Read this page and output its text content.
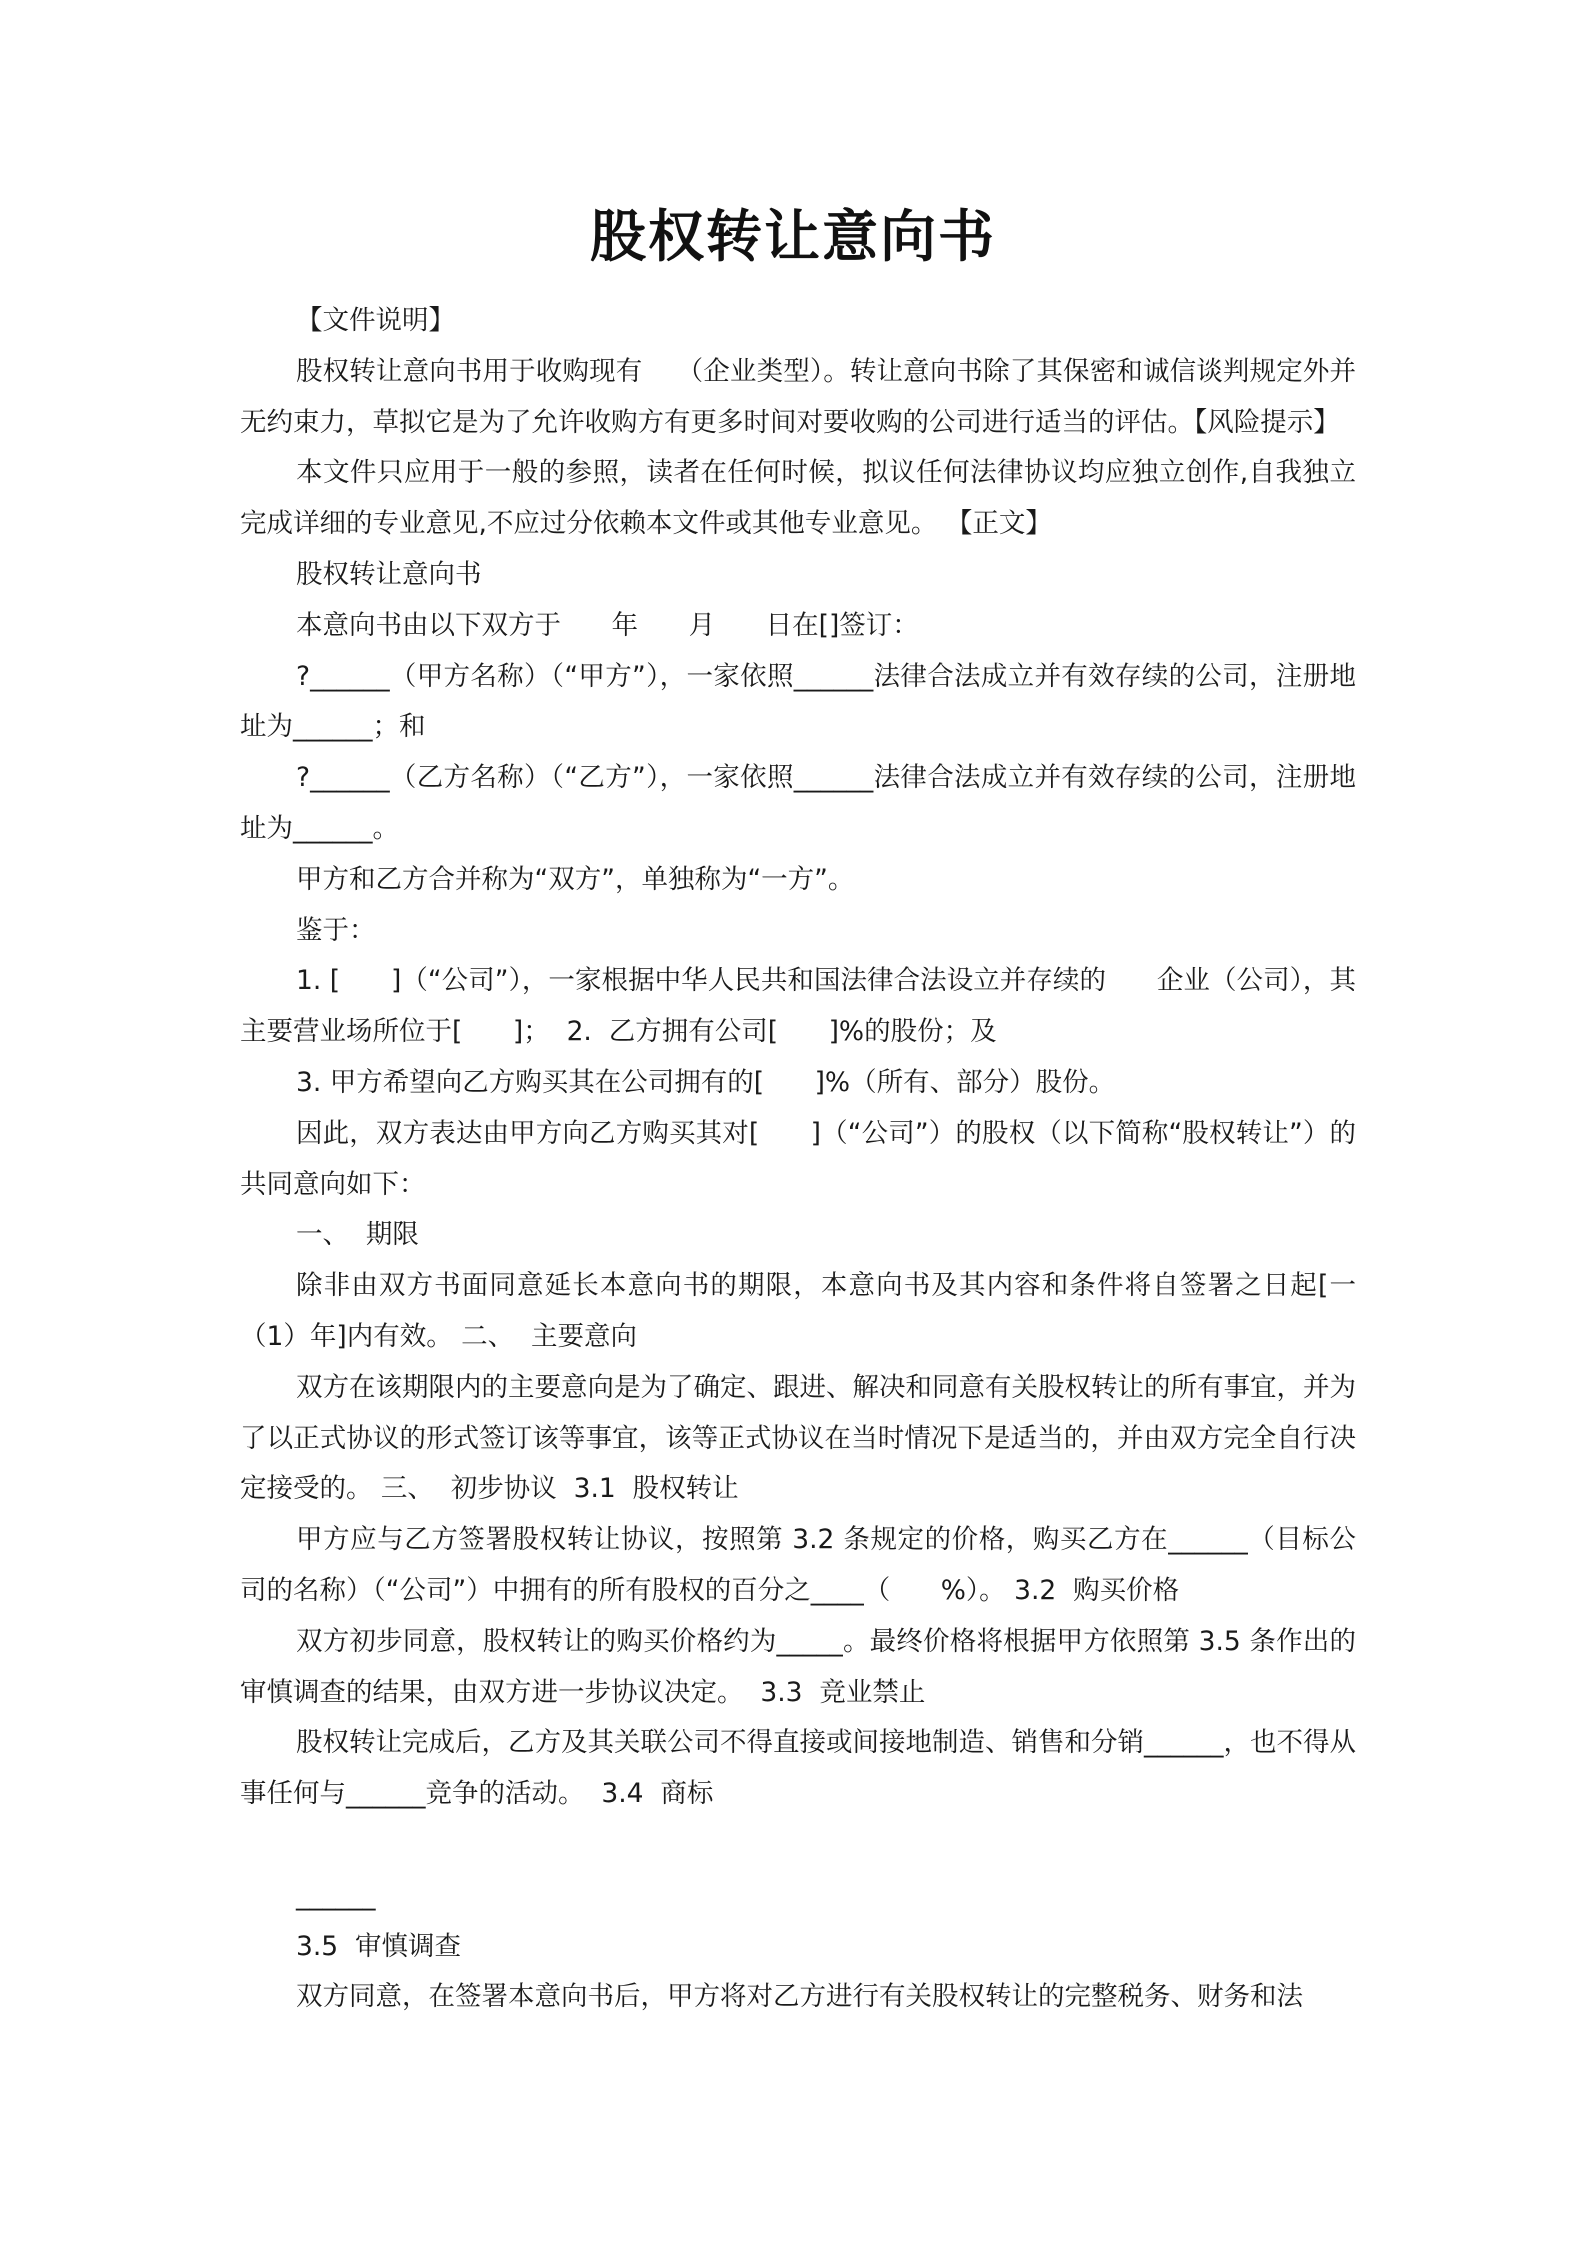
股权转让意向书

【文件说明】

股权转让意向书用于收购现有    （企业类型）。转让意向书除了其保密和诚信谈判规定外并无约束力，草拟它是为了允许收购方有更多时间对要收购的公司进行适当的评估。【风险提示】

本文件只应用于一般的参照，读者在任何时候，拟议任何法律协议均应独立创作,自我独立完成详细的专业意见,不应过分依赖本文件或其他专业意见。 【正文】

股权转让意向书

本意向书由以下双方于      年      月      日在[]签订：

?______（甲方名称）（“甲方”），一家依照______法律合法成立并有效存续的公司，注册地址为______；和

?______（乙方名称）（“乙方”），一家依照______法律合法成立并有效存续的公司，注册地址为______。

甲方和乙方合并称为“双方”，单独称为“一方”。

鉴于：

1. [      ]（“公司”），一家根据中华人民共和国法律合法设立并存续的      企业（公司），其主要营业场所位于[      ]；  2.  乙方拥有公司[      ]%的股份；及

3. 甲方希望向乙方购买其在公司拥有的[      ]%（所有、部分）股份。

因此，双方表达由甲方向乙方购买其对[      ]（“公司”）的股权（以下简称“股权转让”）的共同意向如下：

一、  期限

除非由双方书面同意延长本意向书的期限，本意向书及其内容和条件将自签署之日起[一（1）年]内有效。 二、  主要意向

双方在该期限内的主要意向是为了确定、跟进、解决和同意有关股权转让的所有事宜，并为了以正式协议的形式签订该等事宜，该等正式协议在当时情况下是适当的，并由双方完全自行决定接受的。 三、  初步协议  3.1  股权转让

甲方应与乙方签署股权转让协议，按照第 3.2 条规定的价格，购买乙方在______（目标公司的名称）（“公司”）中拥有的所有股权的百分之____（      %）。 3.2  购买价格

双方初步同意，股权转让的购买价格约为_____。最终价格将根据甲方依照第 3.5 条作出的审慎调查的结果，由双方进一步协议决定。  3.3  竞业禁止

股权转让完成后，乙方及其关联公司不得直接或间接地制造、销售和分销______，也不得从事任何与______竞争的活动。  3.4  商标

______

3.5  审慎调查

双方同意，在签署本意向书后，甲方将对乙方进行有关股权转让的完整税务、财务和法
